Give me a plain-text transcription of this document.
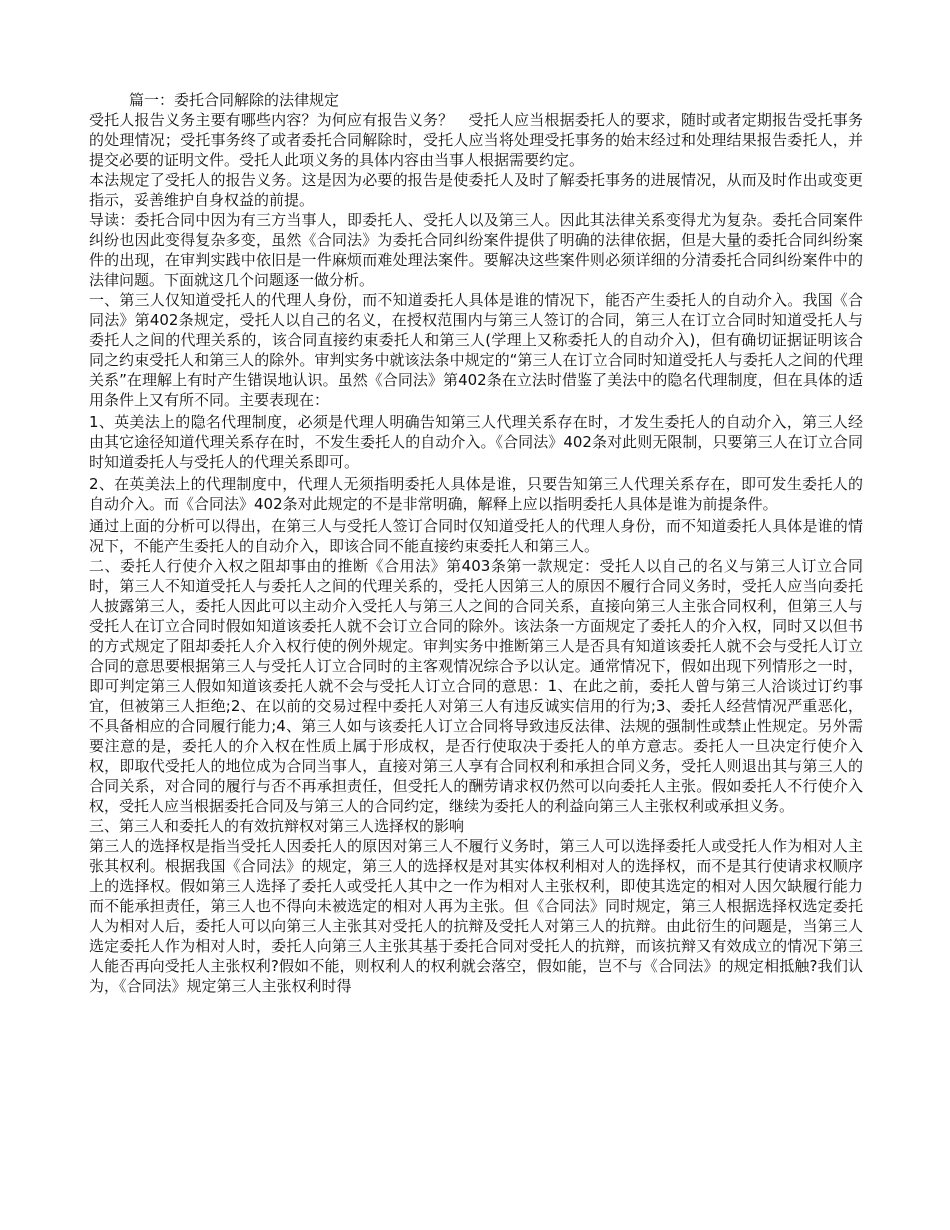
篇一：委托合同解除的法律规定

受托人报告义务主要有哪些内容？为何应有报告义务？　受托人应当根据委托人的要求，随时或者定期报告受托事务的处理情况；受托事务终了或者委托合同解除时，受托人应当将处理受托事务的始末经过和处理结果报告委托人，并提交必要的证明文件。受托人此项义务的具体内容由当事人根据需要约定。

本法规定了受托人的报告义务。这是因为必要的报告是使委托人及时了解委托事务的进展情况，从而及时作出或变更指示，妥善维护自身权益的前提。

导读：委托合同中因为有三方当事人，即委托人、受托人以及第三人。因此其法律关系变得尤为复杂。委托合同案件纠纷也因此变得复杂多变，虽然《合同法》为委托合同纠纷案件提供了明确的法律依据，但是大量的委托合同纠纷案件的出现，在审判实践中依旧是一件麻烦而难处理法案件。要解决这些案件则必须详细的分清委托合同纠纷案件中的法律问题。下面就这几个问题逐一做分析。

一、第三人仅知道受托人的代理人身份，而不知道委托人具体是谁的情况下，能否产生委托人的自动介入。我国《合同法》第402条规定，受托人以自己的名义，在授权范围内与第三人签订的合同，第三人在订立合同时知道受托人与委托人之间的代理关系的，该合同直接约束委托人和第三人(学理上又称委托人的自动介入)，但有确切证据证明该合同之约束受托人和第三人的除外。审判实务中就该法条中规定的“第三人在订立合同时知道受托人与委托人之间的代理关系”在理解上有时产生错误地认识。虽然《合同法》第402条在立法时借鉴了美法中的隐名代理制度，但在具体的适用条件上又有所不同。主要表现在：

1、英美法上的隐名代理制度，必须是代理人明确告知第三人代理关系存在时，才发生委托人的自动介入，第三人经由其它途径知道代理关系存在时，不发生委托人的自动介入。《合同法》402条对此则无限制，只要第三人在订立合同时知道委托人与受托人的代理关系即可。

2、在英美法上的代理制度中，代理人无须指明委托人具体是谁，只要告知第三人代理关系存在，即可发生委托人的自动介入。而《合同法》402条对此规定的不是非常明确，解释上应以指明委托人具体是谁为前提条件。

通过上面的分析可以得出，在第三人与受托人签订合同时仅知道受托人的代理人身份，而不知道委托人具体是谁的情况下，不能产生委托人的自动介入，即该合同不能直接约束委托人和第三人。

二、委托人行使介入权之阻却事由的推断《合用法》第403条第一款规定：受托人以自己的名义与第三人订立合同时，第三人不知道受托人与委托人之间的代理关系的，受托人因第三人的原因不履行合同义务时，受托人应当向委托人披露第三人，委托人因此可以主动介入受托人与第三人之间的合同关系，直接向第三人主张合同权利，但第三人与受托人在订立合同时假如知道该委托人就不会订立合同的除外。该法条一方面规定了委托人的介入权，同时又以但书的方式规定了阻却委托人介入权行使的例外规定。审判实务中推断第三人是否具有知道该委托人就不会与受托人订立合同的意思要根据第三人与受托人订立合同时的主客观情况综合予以认定。通常情况下，假如出现下列情形之一时，即可判定第三人假如知道该委托人就不会与受托人订立合同的意思：1、在此之前，委托人曾与第三人洽谈过订约事宜，但被第三人拒绝;2、在以前的交易过程中委托人对第三人有违反诚实信用的行为;3、委托人经营情况严重恶化，不具备相应的合同履行能力;4、第三人如与该委托人订立合同将导致违反法律、法规的强制性或禁止性规定。另外需要注意的是，委托人的介入权在性质上属于形成权，是否行使取决于委托人的单方意志。委托人一旦决定行使介入权，即取代受托人的地位成为合同当事人，直接对第三人享有合同权利和承担合同义务，受托人则退出其与第三人的合同关系，对合同的履行与否不再承担责任，但受托人的酬劳请求权仍然可以向委托人主张。假如委托人不行使介入权，受托人应当根据委托合同及与第三人的合同约定，继续为委托人的利益向第三人主张权利或承担义务。

三、第三人和委托人的有效抗辩权对第三人选择权的影响

第三人的选择权是指当受托人因委托人的原因对第三人不履行义务时，第三人可以选择委托人或受托人作为相对人主张其权利。根据我国《合同法》的规定，第三人的选择权是对其实体权利相对人的选择权，而不是其行使请求权顺序上的选择权。假如第三人选择了委托人或受托人其中之一作为相对人主张权利，即使其选定的相对人因欠缺履行能力而不能承担责任，第三人也不得向未被选定的相对人再为主张。但《合同法》同时规定，第三人根据选择权选定委托人为相对人后，委托人可以向第三人主张其对受托人的抗辩及受托人对第三人的抗辩。由此衍生的问题是，当第三人选定委托人作为相对人时，委托人向第三人主张其基于委托合同对受托人的抗辩，而该抗辩又有效成立的情况下第三人能否再向受托人主张权利?假如不能，则权利人的权利就会落空，假如能，岂不与《合同法》的规定相抵触?我们认为，《合同法》规定第三人主张权利时得
